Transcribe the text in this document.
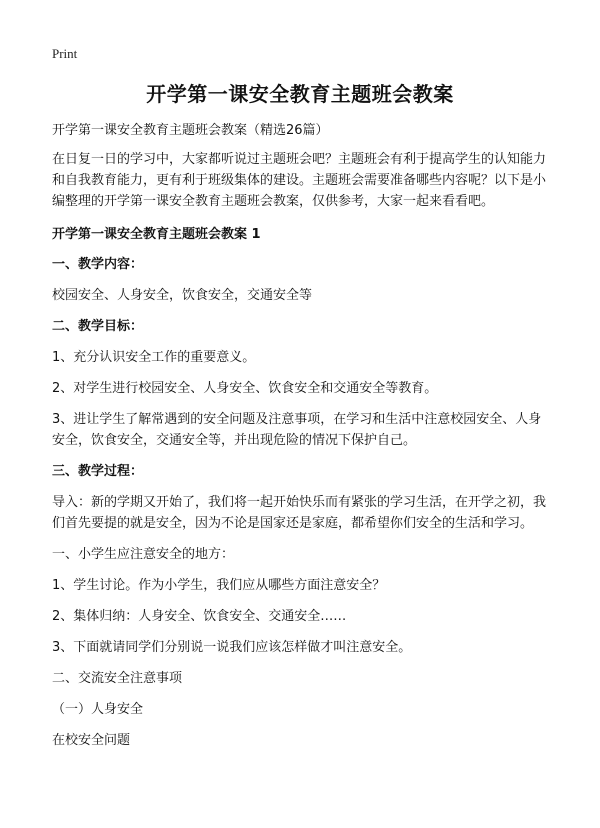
Print
开学第一课安全教育主题班会教案

开学第一课安全教育主题班会教案（精选26篇）

在日复一日的学习中，大家都听说过主题班会吧？主题班会有利于提高学生的认知能力和自我教育能力，更有利于班级集体的建设。主题班会需要准备哪些内容呢？以下是小编整理的开学第一课安全教育主题班会教案，仅供参考，大家一起来看看吧。

开学第一课安全教育主题班会教案 1

一、教学内容：

校园安全、人身安全，饮食安全，交通安全等

二、教学目标：

1、充分认识安全工作的重要意义。

2、对学生进行校园安全、人身安全、饮食安全和交通安全等教育。

3、进让学生了解常遇到的安全问题及注意事项，在学习和生活中注意校园安全、人身安全，饮食安全，交通安全等，并出现危险的情况下保护自己。

三、教学过程：

导入：新的学期又开始了，我们将一起开始快乐而有紧张的学习生活，在开学之初，我们首先要提的就是安全，因为不论是国家还是家庭，都希望你们安全的生活和学习。

一、小学生应注意安全的地方：

1、学生讨论。作为小学生，我们应从哪些方面注意安全？

2、集体归纳：人身安全、饮食安全、交通安全……

3、下面就请同学们分别说一说我们应该怎样做才叫注意安全。

二、交流安全注意事项

（一）人身安全

在校安全问题
